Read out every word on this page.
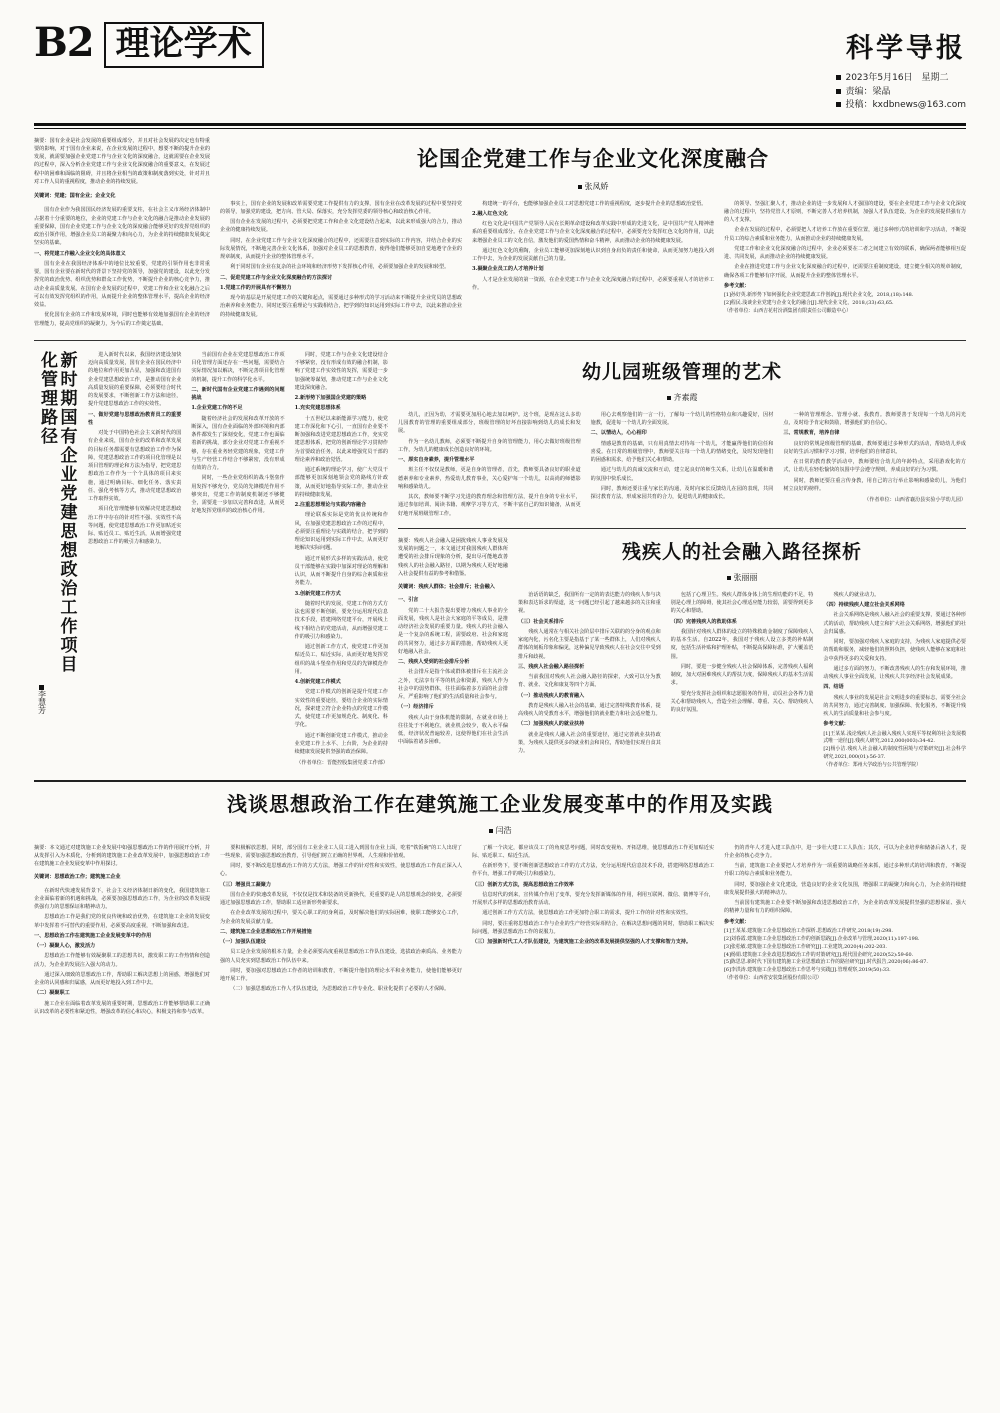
B2 理论学术	科学导报
2023年5月16日　星期二
责编：梁晶
投稿：kxdbnews@163.com
摘要：国有企业是社会发展的重要组成部分，并且对社会发展的决定也有特重要的影响，对于国有企业来说，在企业发展的过程中，想要不断的提升企业的发展，就需要加强企业党建工作与企业文化的深度融合，这就需要在企业发展的过程中，深入分析企业党建工作与企业文化深度融合的重要意义，在发展过程中的困难和面临的阻碍，并且将企业相当的政策和制度落到实处，针对并且对工作人员的重视程度，推动企业的持续发展。
关键词：党建；国有企业；企业文化

国有企业作为我国国民经济发展的重要支柱，在社会主义市场经济体制中占据着十分重要的地位，企业的党建工作与企业文化的融合是推动企业发展的重要保障，国有企业党建工作与企业文化的深度融合能够更好的发挥党组织的政治引领作用，增强企业员工的凝聚力和向心力，为企业的持续健康发展奠定坚实的基础。

一、将党建工作融入企业文化的具体意义

国有企业在我国经济体系中的地位比较重要，党建的引领作用也非常重要，国有企业要在新时代的背景下坚持党的领导，加强党的建设，以此充分发挥党的政治优势、组织优势和群众工作优势，不断提升企业的核心竞争力，推动企业高质量发展。在国有企业发展的过程中，党建工作和企业文化融合之后可以有效发挥党组织的作用，从而提升企业的整体管理水平，提高企业的经济效益。

优化国有企业的工作和发展环境，同时也能够有效地加强国有企业的经济管理能力，提高党组织的凝聚力，为今后的工作奠定基础。

论国企党建工作与企业文化深度融合
张凤娇

事实上，国有企业的发展和改革需要党建工作提供有力的支撑，国有企业在改革发展的过程中要坚持党的领导，加强党的建设，把方向、管大局、保落实，充分发挥党委的领导核心和政治核心作用。

国有企业在发展的过程中，必须要把党建工作和企业文化建设结合起来，以此来形成强大的合力，推动企业的健康持续发展。

同时，在企业党建工作与企业文化深度融合的过程中，还需要注意到实际的工作内容，并结合企业的实际发展情况，不断地完善企业文化体系，加强对企业员工的思想教育，使得他们能够更加自觉地遵守企业的规章制度，从而提升企业的整体管理水平。

利于同时国有企业在复杂的社会环境和经济形势下发挥核心作用，必须要加强企业的发展和转型。

二、促进党建工作与企业文化深度融合的方法探讨

1.党建工作的开展具有不懈努力

现今的基层是开展党建工作的关键和起点，需要通过多种形式的学习活动来不断提升企业党员的思想政治素养和业务能力，同时还要注重理论与实践相结合，把学到的知识运用到实际工作中去，以此来推动企业的持续健康发展。

构建统一的平台，也能够加强企业员工对思想党建工作的重视程度，逐步提升企业的思想政治觉悟。

2.融入红色文化

红色文化是中国共产党领导人民在长期革命建设和改革实践中形成的先进文化，是中国共产党人精神谱系的重要组成部分。在企业党建工作与企业文化深度融合的过程中，必须要充分发挥红色文化的作用，以此来增强企业员工的文化自信，激发他们的爱国热情和奋斗精神，从而推动企业的持续健康发展。

通过红色文化的熏陶，企业员工能够更加深刻地认识到自身肩负的责任和使命，从而更加努力地投入到工作中去，为企业的发展贡献自己的力量。

3.凝聚企业员工的人才培养计划

人才是企业发展的第一资源，在企业党建工作与企业文化深度融合的过程中，必须要重视人才的培养工作。

的领导、坚强汇聚人才，推动企业的进一步发展和人才强国的建设，要在企业党建工作与企业文化深度融合的过程中，坚持党管人才原则，不断完善人才培养机制，加强人才队伍建设，为企业的发展提供强有力的人才支撑。

企业在发展的过程中，必须要把人才培养工作放在重要位置，通过多种形式的培训和学习活动，不断提升员工的综合素质和业务能力，从而推动企业的持续健康发展。

党建工作和企业文化深度融合的过程中，企业必须要在二者之间建立有效的联系，确保两者能够相互促进、共同发展，从而推动企业的持续健康发展。

企业在推进党建工作与企业文化深度融合的过程中，还需要注重制度建设，建立健全相关的规章制度，确保各项工作能够有序开展，从而提升企业的整体管理水平。

参考文献：

[1]孙好英.新形势下如何强化企业党建思政工作创新[J].现代企业文化，2018,(18):148.
[2]程民.浅谈企业党建与企业文化的融合[J].现代企业文化，2018,(33):63,65.
（作者单位：山西吉花村汾酒集团有限责任公司酿造中心）
新时期国有企业党建思想政治工作项目化管理路径
李慧芳

进入新时代以来，我国经济建设加快迈向高质量发展，国有企业在国民经济中的地位和作用更加凸显，加强和改进国有企业党建思想政治工作，是推动国有企业高质量发展的重要保障，必须要结合时代的发展要求，不断创新工作方法和途径，提升党建思想政治工作的实效性。

一、做好党建与思想政治教育员工的重要性

对处于中国特色社会主义新时代的国有企业来说，国有企业的改革和改革发展的目标任务都需要有思想政治工作作为保障，党建思想政治工作的项目化管理是以项目管理的理论和方法为指导，把党建思想政治工作作为一个个具体的项目来实施，通过明确目标、细化任务、落实责任、强化考核等方式，推动党建思想政治工作取得实效。

项目化管理能够有效解决党建思想政治工作中存在的针对性不强、实效性不高等问题，使党建思想政治工作更加贴近实际、贴近员工、贴近生活，从而增强党建思想政治工作的吸引力和感染力。

当前国有企业在党建思想政治工作项目化管理方面还存在一些问题，需要结合实际情况加以解决，不断完善项目化管理的机制，提升工作的科学化水平。

二、新时代国有企业党建工作遇到的问题挑战

1.企业党建工作的不足

随着经济社会的发展和改革开放的不断深入，国有企业面临的外部环境和内部条件都发生了深刻变化，党建工作也面临着新的挑战，部分企业对党建工作重视不够，存在重业务轻党建的现象，党建工作与生产经营工作结合不够紧密，没有形成有效的合力。

同时，一些企业党组织的战斗堡垒作用发挥不够充分，党员的先锋模范作用不够突出，党建工作的制度机制还不够健全，需要进一步加以完善和改进，从而更好地发挥党组织的政治核心作用。

同时，党建工作与企业文化建设结合不够紧密，没有形成有效的融合机制，影响了党建工作实效性的发挥，需要进一步加强统筹谋划，推动党建工作与企业文化建设深度融合。

2.新形势下加强国企党建的策略

1.充实党建思想体系

十五世纪以来新能源学习能力，使党建工作深化和下心引，一直国有企业要不断加强和改进党建思想政治工作，充实党建思想体系，把党的创新理论学习贯彻作为首要政治任务，以此来增强党员干部的理论素养和政治觉悟。

通过系统的理论学习，使广大党员干部能够更加深刻地领会党的路线方针政策，从而更好地指导实际工作，推动企业的持续健康发展。

2.注重思想理论与实践内容融合

理论联系实际是党的优良传统和作风，在加强党建思想政治工作的过程中，必须要注重理论与实践的结合，把学到的理论知识运用到实际工作中去，从而更好地解决实际问题。

通过开展形式多样的实践活动，使党员干部能够在实践中加深对理论的理解和认识，从而不断提升自身的综合素质和业务能力。

3.创新党建工作方式

随着时代的发展，党建工作的方式方法也需要不断创新，要充分运用现代信息技术手段，搭建网络党建平台，开展线上线下相结合的党建活动，从而增强党建工作的吸引力和感染力。

通过创新工作方式，使党建工作更加贴近员工、贴近实际，从而更好地发挥党组织的战斗堡垒作用和党员的先锋模范作用。

4.创新党建工作模式

党建工作模式的创新是提升党建工作实效性的重要途径，要结合企业的实际情况，探索建立符合企业特点的党建工作模式，使党建工作更加规范化、制度化、科学化。

通过不断创新党建工作模式，推动企业党建工作上水平、上台阶，为企业的持续健康发展提供坚强的政治保障。

（作者单位：晋能控股集团党委工作部）
幼儿园班级管理的艺术
齐素霞

幼儿，正因为幼，才需要更加用心地去加以呵护。这个班，是现在这么多幼儿园教育的管理的重要组成部分，班级管理的好坏直接影响到幼儿的成长和发展。

作为一名幼儿教师，必须要不断提升自身的管理能力，用心去做好班级管理工作，为幼儿的健康成长创造良好的环境。

一、厚实自身素养，提升管理水平

班主任不仅仅是教师，更是自身的管理者，首先，教师要具备良好的职业道德素养和专业素养，热爱幼儿教育事业，关心爱护每一个幼儿，以高尚的师德影响和感染幼儿。

其次，教师要不断学习先进的教育理念和管理方法，提升自身的专业水平，通过参加培训、阅读书籍、观摩学习等方式，不断丰富自己的知识储备，从而更好地开展班级管理工作。

用心去观察他们的一言一行，了解每一个幼儿的性格特点和兴趣爱好，因材施教，促进每一个幼儿的全面发展。

二、以情动人，心心相印

情感是教育的基础，只有用真情去对待每一个幼儿，才能赢得他们的信任和喜爱。在日常的班级管理中，教师要关注每一个幼儿的情绪变化，及时发现他们的困惑和需求，给予他们关心和帮助。

通过与幼儿的真诚交流和互动，建立起良好的师生关系，让幼儿在温暖和谐的氛围中快乐成长。

同时，教师还要注重与家长的沟通，及时向家长反馈幼儿在园的表现，共同探讨教育方法，形成家园共育的合力，促进幼儿的健康成长。

一种的管理理念、管理小就、我教育。教师要善于发现每一个幼儿的闪光点，及时给予肯定和鼓励，增强他们的自信心。

三、常规教育，培养自律

良好的常规是班级管理的基础，教师要通过多种形式的活动，帮助幼儿养成良好的生活习惯和学习习惯，培养他们的自律意识。

在日常的教育教学活动中，教师要结合幼儿的年龄特点，采用游戏化的方式，让幼儿在轻松愉快的氛围中学会遵守规则，养成良好的行为习惯。

同时，教师还要注重言传身教，用自己的言行举止影响和感染幼儿，为他们树立良好的榜样。

（作者单位：山西省襄汾县实验小学幼儿园）
摘要：残疾人社会融入是困扰残疾人事业发展及发展的问题之一，本文通过对我国残疾人群体所遭受的社会排斥现象的分析，提出尽可能地改善残疾人的社会融入路径，以期为残疾人更好地融入社会提供有益的参考和借鉴。
关键词：残疾人群体；社会排斥；社会融入

一、引言

党的二十大报告提出要增力残疾人事业的全面发展，残疾人是社会大家庭的平等成员，是推动经济社会发展的重要力量。残疾人的社会融入是一个复杂的系统工程，需要政府、社会和家庭的共同努力，通过多方面的措施，帮助残疾人更好地融入社会。

二、残疾人受到的社会排斥分析

社会排斥是指个体或群体被排斥在主流社会之外，无法享有平等的机会和资源，残疾人作为社会中的弱势群体，往往面临着多方面的社会排斥，严重影响了他们的生活质量和社会参与。

（一）经济排斥

残疾人由于身体机能的限制，在就业市场上往往处于不利地位，就业机会较少，收入水平偏低，经济状况普遍较差，这使得他们在社会生活中面临着诸多困难。

残疾人的社会融入路径探析
张丽丽

治话语的缺乏，我国所有一定的的表达能力的残疾人参与决策和表达诉求的渠道，这一问题已经引起了越来越多的关注和重视。

（三）社会关系排斥

残疾人通常在与相关社会阶层中排斥关联的的分身的观点和家庭内化，污名化主要是指基于了某一些群体上，人们对残疾人群体的刻板印象和偏见，这种偏见导致残疾人在社会交往中受到排斥和歧视。

三、残疾人社会融入路径探析

当前我国对残疾人社会融入路径的探索，大致可以分为教育、就业、文化和康复等四个方面。

（一）推动残疾人的教育融入

教育是残疾人融入社会的基础，通过完善特殊教育体系，提高残疾人的受教育水平，增强他们的就业能力和社会适应能力。

（二）加强残疾人的就业扶持

就业是残疾人融入社会的重要途径，通过完善就业扶持政策，为残疾人提供更多的就业机会和岗位，帮助他们实现自食其力。

包括了心理卫生。残疾人群体身体上的生理功能的不足，特别是心理上的障碍，使其社会心理适应能力较弱，需要得到更多的关心和帮助。

（四）完善残疾人的救助体系

我国针对残疾人群体的设立的特殊救助金制度了保障残疾人的基本生活。自2022年，我国对于残疾人设立多类的补贴制度，包括生活补贴和护理补贴，不断提高保障标准，扩大覆盖范围。

同时，要进一步健全残疾人社会保障体系，完善残疾人福利制度，加大对困难残疾人的帮扶力度，保障残疾人的基本生活需求。

要充分发挥社会组织和志愿服务的作用，动员社会各界力量关心和帮助残疾人，营造全社会理解、尊重、关心、帮助残疾人的良好氛围。

残疾人的就业动力。

（四）持续残疾人建立社会关系网络

社会关系网络是残疾人融入社会的重要支撑，要通过各种形式的活动，帮助残疾人建立和扩大社会关系网络，增强他们的社会归属感。

同时，要加强对残疾人家庭的支持，为残疾人家庭提供必要的帮助和服务，减轻他们的照料负担，使残疾人能够在家庭和社会中获得更多的关爱和支持。

通过多方面的努力，不断改善残疾人的生存和发展环境，推动残疾人事业全面发展，让残疾人共享经济社会发展成果。

四、结语

残疾人事业的发展是社会文明进步的重要标志，需要全社会的共同努力，通过完善制度、加强保障、优化服务，不断提升残疾人的生活质量和社会参与度。

参考文献：

[1]王某某.浅论残疾人社会融入残疾人实现平等权利的社会发展模式唯一途径[J].残疾人研究,2012,000(003):34-42.
[2]杨小洁.残疾人社会融入的制度性困境与对策研究[J].社会科学研究,2021,000(01):56-37.
（作者单位：郑州大学政治与公共管理学院）
浅谈思想政治工作在建筑施工企业发展变革中的作用及实践
闫浩
摘要：本文通过对建筑施工企业发展中如强思想政治工作的作用展开分析，并从发挥引入为本质化，分析到的建筑施工企业改革发展中，加强思想政治工作在建筑施工企业发展变革中作用探讨。
关键词：思想政治工作；建筑施工企业

在新时代快速发展背景下，社会主义经济体制日新的变化，我国建筑施工企业面临着新的机遇和挑战，必须要加强思想政治工作，为企业的改革发展提供强有力的思想保证和精神动力。

思想政治工作是我们党的优良传统和政治优势，在建筑施工企业的发展变革中发挥着不可替代的重要作用，必须要高度重视，不断加强和改进。

一、思想政治工作在建筑施工企业发展变革中的作用

（一）凝聚人心，激发活力

思想政治工作能够有效凝聚职工的思想共识，激发职工的工作热情和创造活力，为企业的发展注入强大的动力。

通过深入细致的思想政治工作，帮助职工解决思想上的困惑，增强他们对企业的认同感和归属感，从而更好地投入到工作中去。

（二）凝聚职工

施工企业在面临着改革发展的重要时期，思想政治工作能够帮助职工正确认识改革的必要性和紧迫性，增强改革的信心和决心，积极支持和参与改革。

要积极解放思想，同时，部分国有工业企业工人员工进入到国有企业上面，吃着"铁饭碗"的工人出现了一些现象，需要加强思想政治教育，引导他们树立正确的世界观、人生观和价值观。

同时，要不断改进思想政治工作的方式方法，增强工作的针对性和实效性，使思想政治工作真正深入人心。

（三）增强员工凝聚力

国有企业的快速改革发展，不仅仅是技术和装备的更新换代，更重要的是人的思想观念的转变，必须要通过加强思想政治工作，帮助职工适应新形势新要求。

在企业改革发展的过程中，要关心职工的切身利益，及时解决他们的实际困难，使职工能够安心工作，为企业的发展贡献力量。

二、建筑施工企业思想政治工作开展措施

（一）加强队伍建设

员工是企业发展的根本力量，企业必须要高度重视思想政治工作队伍建设，选拔政治素质高、业务能力强的人员充实到思想政治工作队伍中来。

同时，要加强对思想政治工作者的培训和教育，不断提升他们的理论水平和业务能力，使他们能够更好地开展工作。

（二）加强思想政治工作人才队伍建设，为思想政治工作专业化、职业化提供了必要的人才保障。

了解一个决定，都应该员工了的角度思考问题，同时改变视角、开拓思维，使思想政治工作更加贴近实际、贴近职工、贴近生活。

在新形势下，要不断创新思想政治工作的方式方法，充分运用现代信息技术手段，搭建网络思想政治工作平台，增强工作的吸引力和感染力。

（三）创新方式方法，提高思想政治工作效率

信息时代的到来，宣传媒介作用了变革，要充分发挥新媒体的作用，利用互联网、微信、微博等平台，开展形式多样的思想政治教育活动。

通过创新工作方式方法，使思想政治工作更加符合职工的需求，提升工作的针对性和实效性。

同时，要注重将思想政治工作与企业的生产经营实际相结合，在解决思想问题的同时，帮助职工解决实际问题，增强思想政治工作的说服力。

（三）加强新时代工人才队伍建设，为建筑施工企业的改革发展提供坚强的人才支撑和智力支持。

仍的青年人才进入建工队伍中，进一步壮大建工工人队伍；其次，可以为企业培养和储备后备人才，提升企业的核心竞争力。

当前，建筑施工企业要把人才培养作为一项重要的战略任务来抓，通过多种形式的培训和教育，不断提升职工的综合素质和业务能力。

同时，要加强企业文化建设，营造良好的企业文化氛围，增强职工的凝聚力和向心力，为企业的持续健康发展提供强大的精神动力。

当前国有建筑施工企业要不断加强和改进思想政治工作，为企业的改革发展提供坚强的思想保证、强大的精神力量和有力的组织保障。

参考文献：

[1]王某某.建筑施工企业思想政治工作探析.思想政治工作研究,2018(19):298.
[2]刘春霞.建筑施工企业思想政治工作的创新思路[J].企业改革与管理,2020(11):197-198.
[3]张松敏.建筑施工企业思想政治工作研究[J].工业建筑,2020(4):202-203.
[4]杨娟.建筑施工企业改进思想政治工作的对策研究[J].现代国企研究,2020(52):59-60.
[5]陈思思.新时代下国有建筑施工企业思想政治工作的路径研究[J].时代报告,2020(06):86-87.
[6]李洪涛.建筑施工企业思想政治工作思考与实践[J].管理观察,2019(50):33.
（作者单位：山西省安装集团股份有限公司）
